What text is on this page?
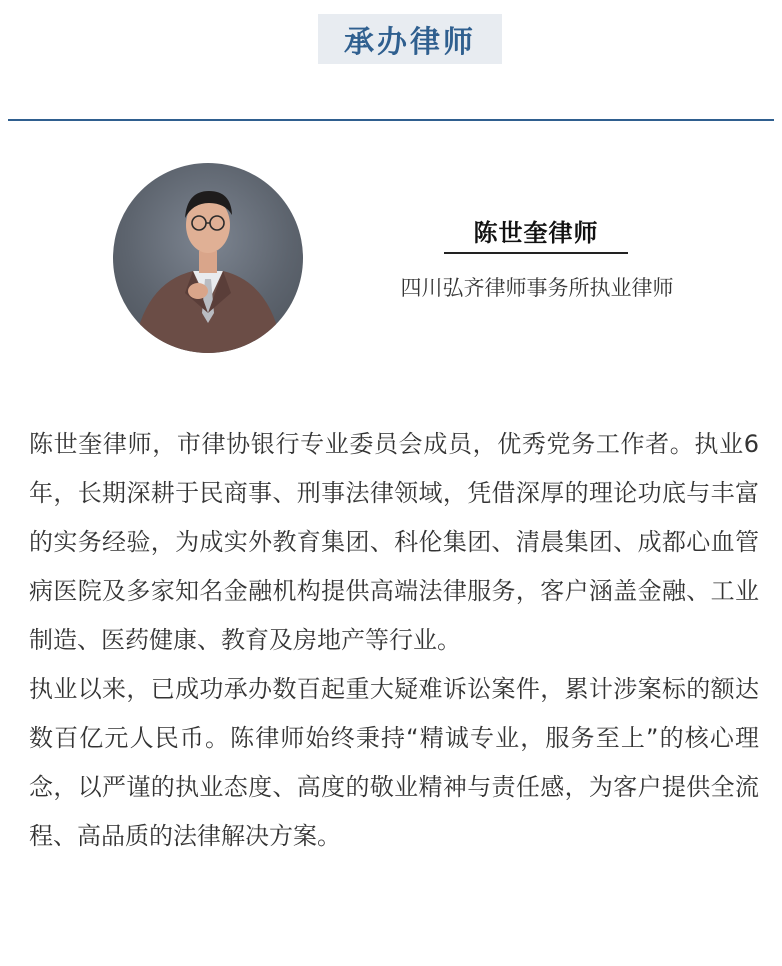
承办律师
陈世奎律师
四川弘齐律师事务所执业律师

陈世奎律师，市律协银行专业委员会成员，优秀党务工作者。执业6年，长期深耕于民商事、刑事法律领域，凭借深厚的理论功底与丰富的实务经验，为成实外教育集团、科伦集团、清晨集团、成都心血管病医院及多家知名金融机构提供高端法律服务，客户涵盖金融、工业制造、医药健康、教育及房地产等行业。

执业以来，已成功承办数百起重大疑难诉讼案件，累计涉案标的额达数百亿元人民币。陈律师始终秉持“精诚专业，服务至上”的核心理念，以严谨的执业态度、高度的敬业精神与责任感，为客户提供全流程、高品质的法律解决方案。
